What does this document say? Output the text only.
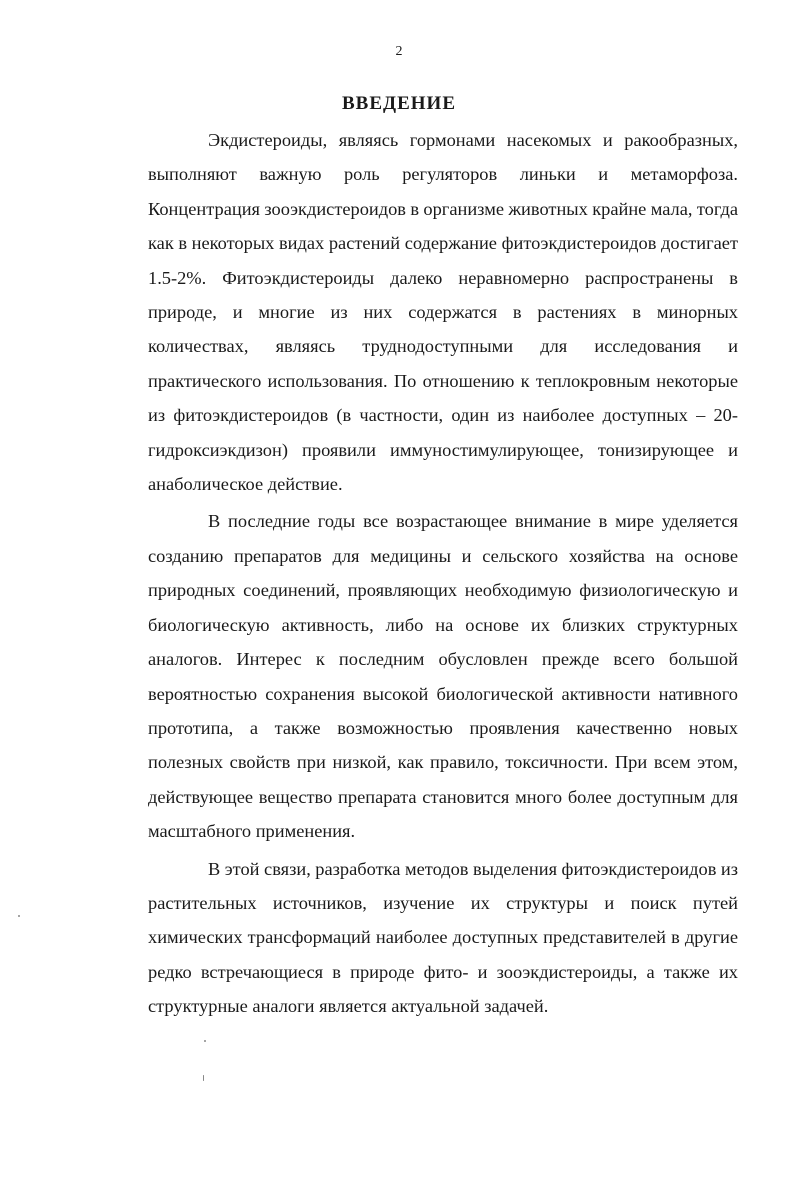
2
ВВЕДЕНИЕ
Экдистероиды, являясь гормонами насекомых и ракообразных,
выполняют важную роль регуляторов линьки и метаморфоза.
Концентрация зооэкдистероидов в организме животных крайне мала, тогда
как в некоторых видах растений содержание фитоэкдистероидов достигает
1.5-2%. Фитоэкдистероиды далеко неравномерно распространены в
природе, и многие из них содержатся в растениях в минорных
количествах, являясь труднодоступными для исследования и
практического использования. По отношению к теплокровным некоторые
из фитоэкдистероидов (в частности, один из наиболее доступных – 20-
гидроксиэкдизон) проявили иммуностимулирующее, тонизирующее и
анаболическое действие.
В последние годы все возрастающее внимание в мире уделяется
созданию препаратов для медицины и сельского хозяйства на основе
природных соединений, проявляющих необходимую физиологическую и
биологическую активность, либо на основе их близких структурных
аналогов. Интерес к последним обусловлен прежде всего большой
вероятностью сохранения высокой биологической активности нативного
прототипа, а также возможностью проявления качественно новых
полезных свойств при низкой, как правило, токсичности. При всем этом,
действующее вещество препарата становится много более доступным для
масштабного применения.
В этой связи, разработка методов выделения фитоэкдистероидов из
растительных источников, изучение их структуры и поиск путей
химических трансформаций наиболее доступных представителей в другие
редко встречающиеся в природе фито- и зооэкдистероиды, а также их
структурные аналоги является актуальной задачей.
